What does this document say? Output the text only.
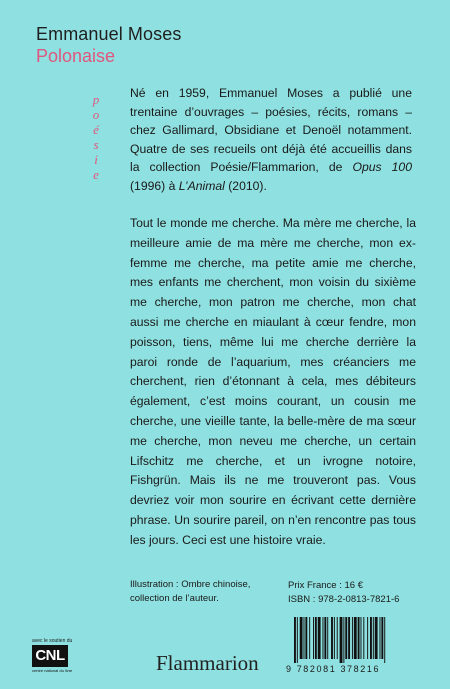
Emmanuel Moses
Polonaise
p
o
é
s
i
e

Né en 1959, Emmanuel Moses a publié une trentaine d’ouvrages – poésies, récits, romans – chez Gallimard, Obsidiane et Denoël notamment. Quatre de ses recueils ont déjà été accueillis dans la collection Poésie/Flammarion, de Opus 100 (1996) à L’Animal (2010).

Tout le monde me cherche. Ma mère me cherche, la meilleure amie de ma mère me cherche, mon ex-femme me cherche, ma petite amie me cherche, mes enfants me cherchent, mon voisin du sixième me cherche, mon patron me cherche, mon chat aussi me cherche en miaulant à cœur fendre, mon poisson, tiens, même lui me cherche derrière la paroi ronde de l’aquarium, mes créanciers me cherchent, rien d’étonnant à cela, mes débiteurs également, c’est moins courant, un cousin me cherche, une vieille tante, la belle-mère de ma sœur me cherche, mon neveu me cherche, un certain Lifschitz me cherche, et un ivrogne notoire, Fishgrün. Mais ils ne me trouveront pas. Vous devriez voir mon sourire en écrivant cette dernière phrase. Un sourire pareil, on n’en rencontre pas tous les jours. Ceci est une histoire vraie.

Illustration : Ombre chinoise,
collection de l’auteur.
Prix France : 16 €
ISBN : 978-2-0813-7821-6
avec le soutien du
CNL
centre national du livre	Flammarion	9 782081 378216
